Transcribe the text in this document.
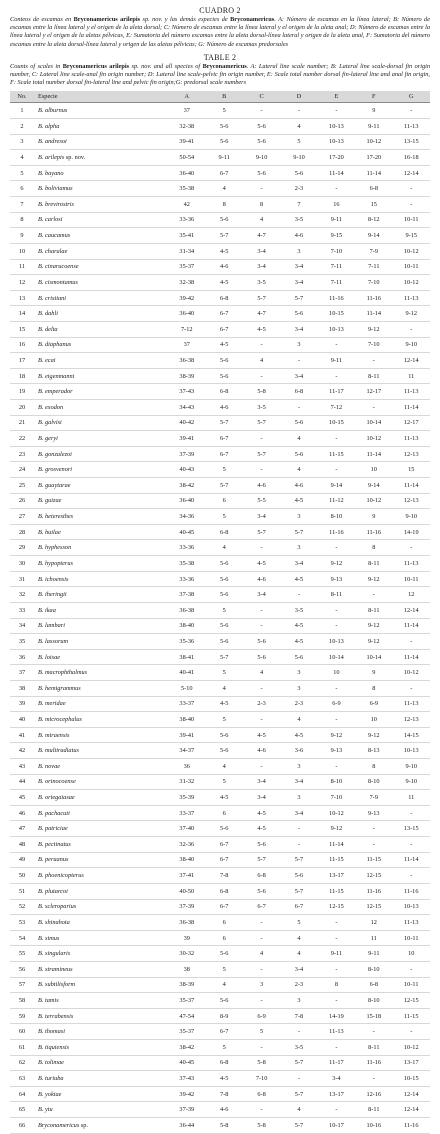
CUADRO 2
Conteos de escamas en Bryconamericus arilepis sp. nov. y las demás especies de Bryconamericus. A: Número de escamas en la línea lateral; B: Número de escamas entre la línea lateral y el origen de la aleta dorsal; C: Número de escamas entre la línea lateral y el origen de la aleta anal; D: Número de escamas entre la línea lateral y el origen de la aletas pélvicas, E: Sumatoria del número escamas entre la aleta dorsal-línea lateral y origen de la aleta anal, F: Sumatoria del número escamas entre la aleta dorsal-línea lateral y origen de las aletas pélvicas; G: Número de escamas predorsales
TABLE 2
Counts of scales in Bryconamericus arilepis sp. nov. and all species of Bryconamericus. A: Lateral line scale number; B: Lateral line scale-dorsal fin origin number, C: Lateral line scale-anal fin origin number; D: Lateral line scale-pelvic fin origin number, E: Scale total number dorsal fin-lateral line and anal fin origin, F: Scale total number dorsal fin-lateral line and pelvic fin origin;G: predorsal scale numbers
No.	Especie	A	B	C	D	E	F	G
1	B. alburnus	37	5	-	-	-	9	-
2	B. alpha	32-38	5-6	5-6	4	10-13	9-11	11-13
3	B. andresoi	39-41	5-6	5-6	5	10-13	10-12	13-15
4	B. arilepis sp. nov.	50-54	9-11	9-10	9-10	17-20	17-20	16-18
5	B. bayano	36-40	6-7	5-6	5-6	11-14	11-14	12-14
6	B. boliviamus	35-38	4	-	2-3	-	6-8	-
7	B. brevirostris	42	8	8	7	16	15	-
8	B. carlosi	33-36	5-6	4	3-5	9-11	8-12	10-11
9	B. caucamus	35-41	5-7	4-7	4-6	9-15	9-14	9-15
10	B. charalae	31-34	4-5	3-4	3	7-10	7-9	10-12
11	B. cinarucoense	35-37	4-6	3-4	3-4	7-11	7-11	10-11
12	B. cismontamus	32-38	4-5	3-5	3-4	7-11	7-10	10-12
13	B. cristiani	39-42	6-8	5-7	5-7	11-16	11-16	11-13
14	B. dahli	36-40	6-7	4-7	5-6	10-15	11-14	9-12
15	B. delta	7-12	6-7	4-5	3-4	10-13	9-12	-
16	B. diaphanus	37	4-5	-	3	-	7-10	9-10
17	B. ecai	36-38	5-6	4	-	9-11	-	12-14
18	B. eigenmanni	38-39	5-6	-	3-4	-	8-11	11
19	B. emperador	37-43	6-8	5-8	6-8	11-17	12-17	11-13
20	B. exodon	34-43	4-6	3-5	-	7-12	-	11-14
21	B. galvisi	40-42	5-7	5-7	5-6	10-15	10-14	12-17
22	B. geryi	39-41	6-7	-	4	-	10-12	11-13
23	B. gonzalezoi	37-39	6-7	5-7	5-6	11-15	11-14	12-13
24	B. grosvenori	40-43	5	-	4	-	10	15
25	B. guaytarae	38-42	5-7	4-6	4-6	9-14	9-14	11-14
26	B. guizae	36-40	6	5-5	4-5	11-12	10-12	12-13
27	B. heteresthes	34-36	5	3-4	3	8-10	9	9-10
28	B. huilae	40-45	6-8	5-7	5-7	11-16	11-16	14-19
29	B. hyphesson	33-36	4	-	3	-	8	-
30	B. hypopterus	35-38	5-6	4-5	3-4	9-12	8-11	11-13
31	B. ichoensis	33-36	5-6	4-6	4-5	9-13	9-12	10-11
32	B. iheringii	37-38	5-6	3-4	-	8-11	-	12
33	B. ikaa	36-38	5	-	3-5	-	8-11	12-14
34	B. lambari	38-40	5-6	-	4-5	-	9-12	11-14
35	B. lassorum	35-36	5-6	5-6	4-5	10-13	9-12	-
36	B. loisae	38-41	5-7	5-6	5-6	10-14	10-14	11-14
37	B. macrophthalmus	40-41	5	4	3	10	9	10-12
38	B. hemigrammus	5-10	4	-	3	-	8	-
39	B. meridae	33-37	4-5	2-3	2-3	6-9	6-9	11-13
40	B. microcephalus	38-40	5	-	4	-	10	12-13
41	B. miraensis	39-41	5-6	4-5	4-5	9-12	9-12	14-15
42	B. multiradiatus	34-37	5-6	4-6	3-6	9-13	8-13	10-13
43	B. novae	36	4	-	3	-	8	9-10
44	B. orinocoense	31-32	5	3-4	3-4	8-10	8-10	9-10
45	B. ortegaiasae	35-39	4-5	3-4	3	7-10	7-9	11
46	B. pachacuti	33-37	6	4-5	3-4	10-12	9-13	-
47	B. patriciae	37-40	5-6	4-5	-	9-12	-	13-15
48	B. pectinatus	32-36	6-7	5-6	-	11-14	-	-
49	B. peruanus	38-40	6-7	5-7	5-7	11-15	11-15	11-14
50	B. phoenicopterus	37-41	7-8	6-8	5-6	13-17	12-15	-
51	B. plutarcoi	40-50	6-8	5-6	5-7	11-15	11-16	11-16
52	B. scleroparius	37-39	6-7	6-7	6-7	12-15	12-15	10-13
53	B. shinahota	36-38	6	-	5	-	12	11-13
54	B. simus	39	6	-	4	-	11	10-11
55	B. singularis	30-32	5-6	4	4	9-11	9-11	10
56	B. stramineus	38	5	-	3-4	-	8-10	-
57	B. subtilisform	38-39	4	3	2-3	8	6-8	10-11
58	B. tamis	35-37	5-6	-	3	-	8-10	12-15
59	B. terrabensis	47-54	8-9	6-9	7-8	14-19	15-18	11-15
60	B. thomasi	35-37	6-7	5	-	11-13	-	-
61	B. tiquiensis	38-42	5	-	3-5	-	8-11	10-12
62	B. tolimae	40-45	6-8	5-8	5-7	11-17	11-16	13-17
63	B. turiuba	37-43	4-5	7-10	-	3-4	-	10-15
64	B. yokiae	39-42	7-8	6-8	5-7	13-17	12-16	12-14
65	B. ytu	37-39	4-6	-	4	-	8-11	12-14
66	Bryconamericus sp.	36-44	5-8	5-8	5-7	10-17	10-16	11-16
